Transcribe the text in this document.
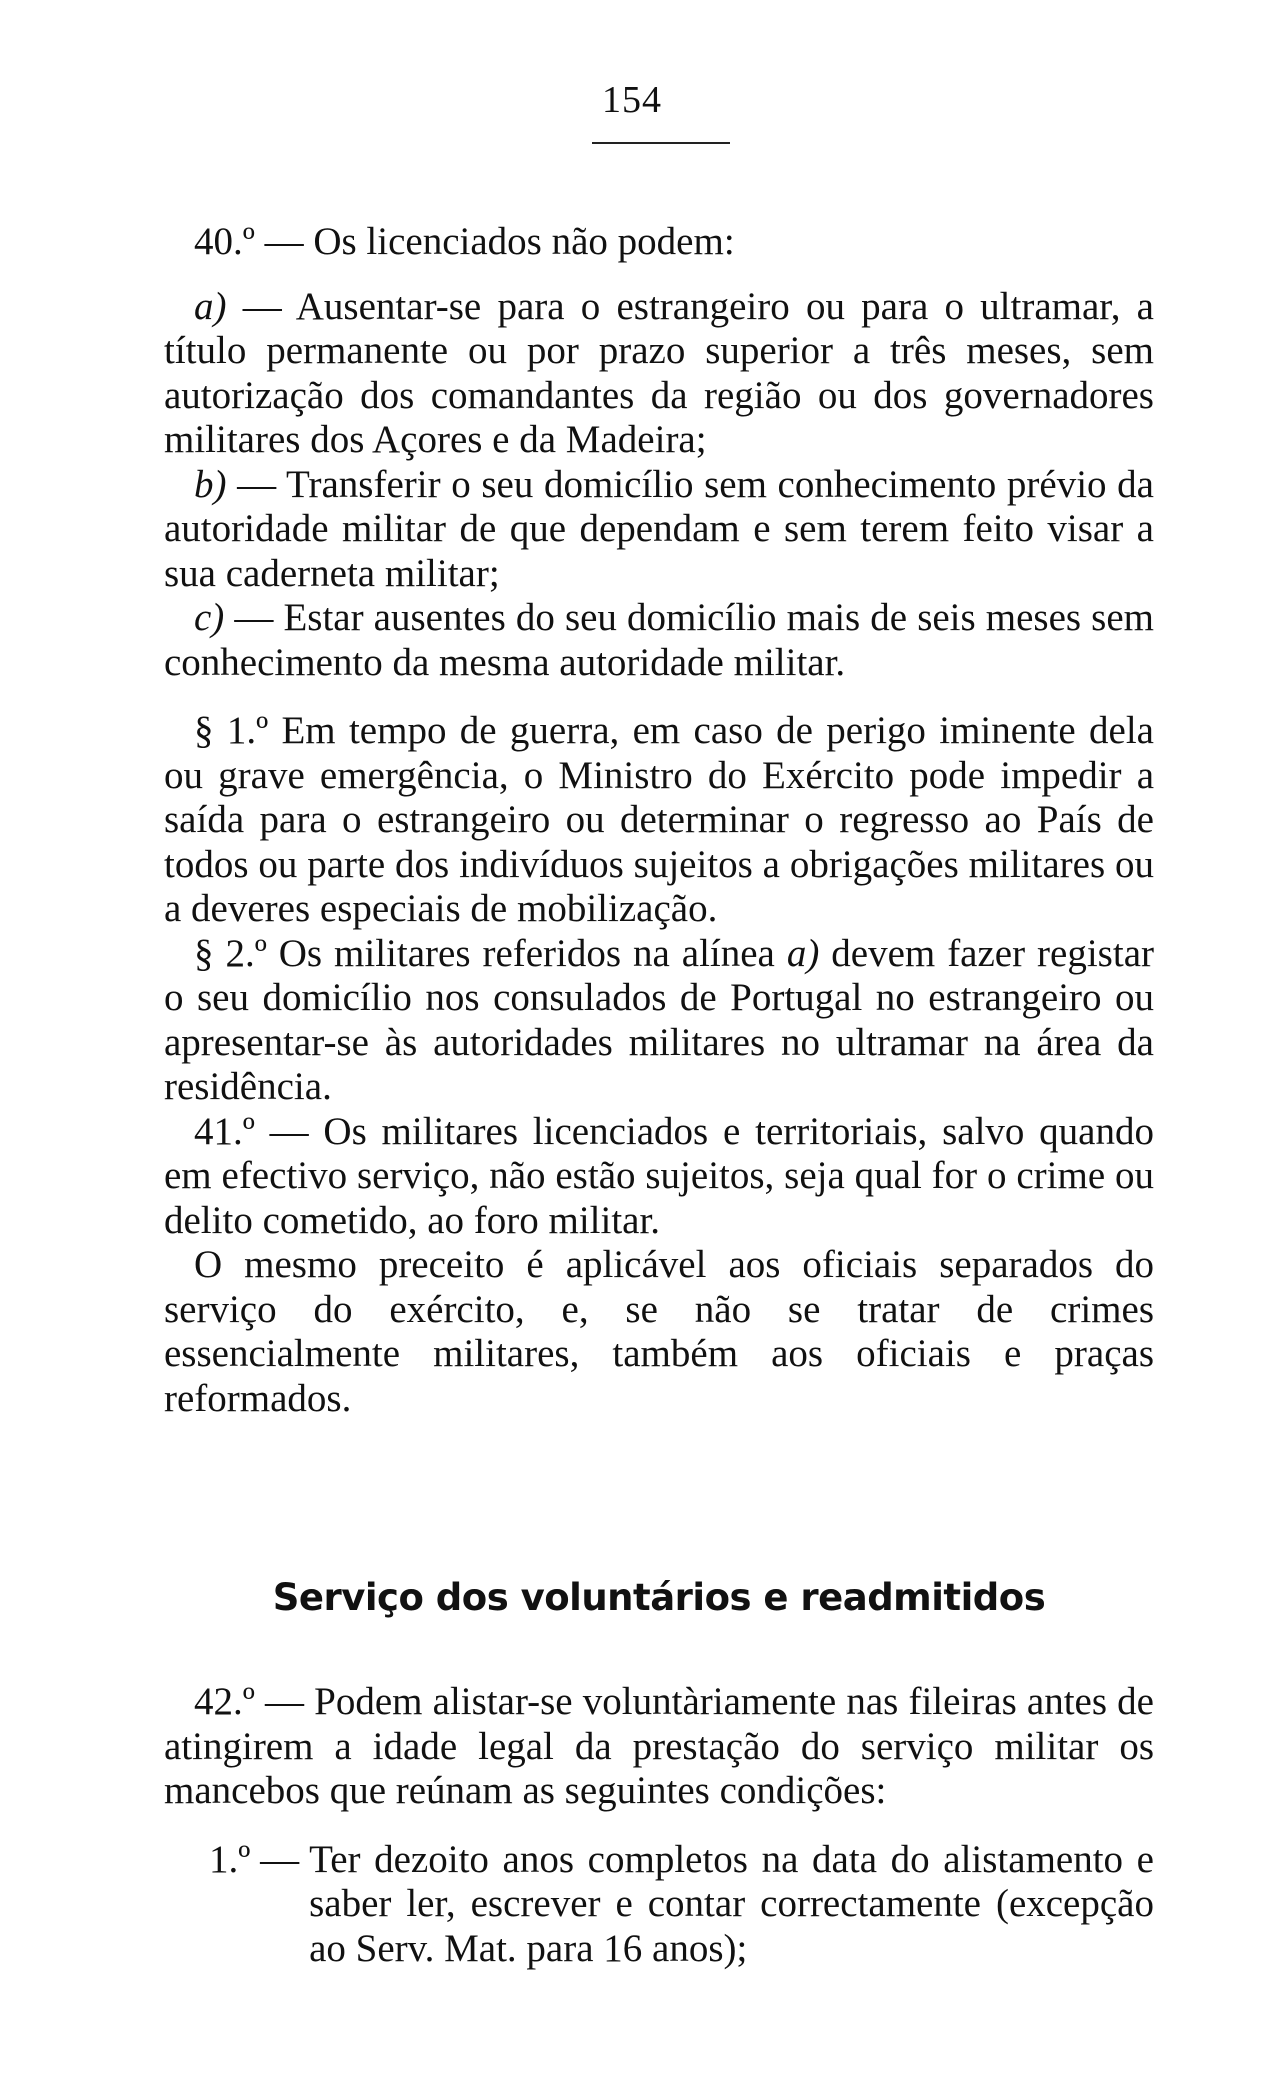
154

40.º — Os licenciados não podem:

a) — Ausentar-se para o estrangeiro ou para o ultramar, a título permanente ou por prazo superior a três meses, sem autorização dos comandantes da região ou dos governadores militares dos Açores e da Madeira;

b) — Transferir o seu domicílio sem conhecimento prévio da autoridade militar de que dependam e sem terem feito visar a sua caderneta militar;

c) — Estar ausentes do seu domicílio mais de seis meses sem conhecimento da mesma autoridade militar.

§ 1.º Em tempo de guerra, em caso de perigo iminente dela ou grave emergência, o Ministro do Exército pode impedir a saída para o estrangeiro ou determinar o regresso ao País de todos ou parte dos indivíduos sujeitos a obrigações militares ou a deveres especiais de mobilização.

§ 2.º Os militares referidos na alínea a) devem fazer registar o seu domicílio nos consulados de Portugal no estrangeiro ou apresentar-se às autoridades militares no ultramar na área da residência.

41.º — Os militares licenciados e territoriais, salvo quando em efectivo serviço, não estão sujeitos, seja qual for o crime ou delito cometido, ao foro militar.

O mesmo preceito é aplicável aos oficiais separados do serviço do exército, e, se não se tratar de crimes essencialmente militares, também aos oficiais e praças reformados.

Serviço dos voluntários e readmitidos

42.º — Podem alistar-se voluntàriamente nas fileiras antes de atingirem a idade legal da prestação do serviço militar os mancebos que reúnam as seguintes condições:

1.º — Ter dezoito anos completos na data do alistamento e saber ler, escrever e contar correctamente (excepção ao Serv. Mat. para 16 anos);
